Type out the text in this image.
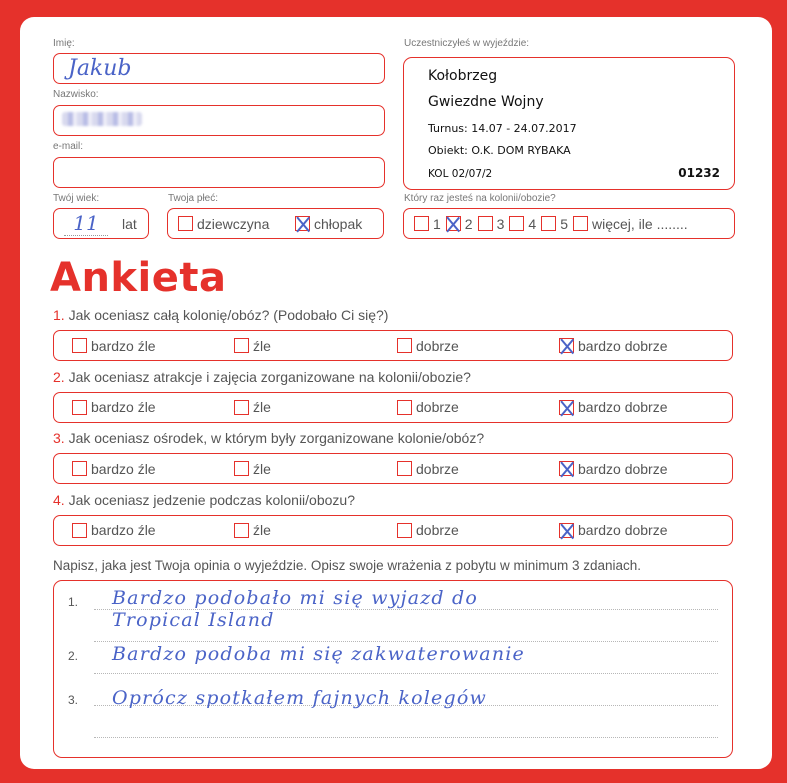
Imię:
Jakub
Nazwisko:
e-mail:
Twój wiek:
11	lat
Twoja płeć:
dziewczyna	chłopak
Uczestniczyłeś w wyjeździe:
Kołobrzeg
Gwiezdne Wojny
Turnus: 14.07 - 24.07.2017
Obiekt: O.K. DOM RYBAKA
KOL 02/07/2	01232
Który raz jesteś na kolonii/obozie?
1 2 3 4 5 więcej, ile ........
Ankieta
1. Jak oceniasz całą kolonię/obóz? (Podobało Ci się?)
bardzo źle	źle	dobrze	bardzo dobrze
2. Jak oceniasz atrakcje i zajęcia zorganizowane na kolonii/obozie?
bardzo źle	źle	dobrze	bardzo dobrze
3. Jak oceniasz ośrodek, w którym były zorganizowane kolonie/obóz?
bardzo źle	źle	dobrze	bardzo dobrze
4. Jak oceniasz jedzenie podczas kolonii/obozu?
bardzo źle	źle	dobrze	bardzo dobrze
Napisz, jaka jest Twoja opinia o wyjeździe. Opisz swoje wrażenia z pobytu w minimum 3 zdaniach.
1. Bardzo podobało mi się wyjazd do
Tropical Island
2. Bardzo podoba mi się zakwaterowanie
3. Oprócz spotkałem fajnych kolegów
